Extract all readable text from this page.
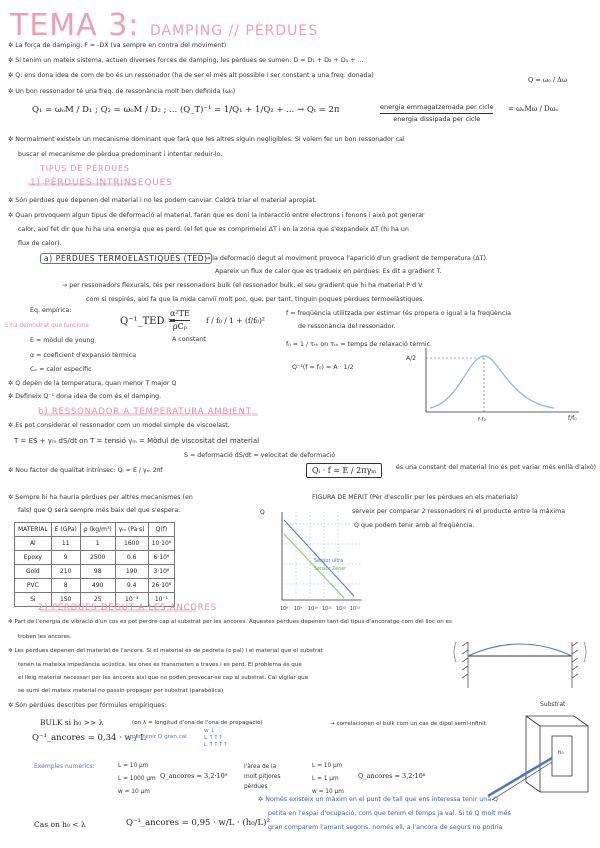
TEMA 3: DAMPING // PÈRDUES
✲ La força de damping: F = -DẊ (va sempre en contra del moviment)
✲ Si tenim un mateix sistema, actuen diverses forces de damping, les pèrdues se sumen: D = D₁ + D₂ + D₃ + ...
✲ Q: ens dona idea de com de bo és un ressonador (ha de ser el més alt possible i ser constant a una freq. donada)
✲ Un bon ressonador té una freq. de ressonància molt ben definida (ω₀)
Q₁ = ωₒM / D₁ ; Q₂ = ωₒM / D₂ ; ... (Q_T)⁻¹ = 1/Q₁ + 1/Q₂ + ... → Qₜ = 2π	energia emmagatzemada per cicle
energia dissipada per cicle
= ωₒMω / Dωₒ
Q = ω₀ / Δω
✲ Normalment existeix un mecanisme dominant que farà que les altres siguin negligibles. Si volem fer un bon ressonador cal
buscar el mecanisme de pèrdua predominant i intentar reduir-lo.
TIPUS DE PÈRDUES
1) PÈRDUES INTRÍNSEQUES
✲ Són pèrdues que depenen del material i no les podem canviar. Caldrà triar el material apropiat.
✲ Quan provoquem algun tipus de deformació al material, faran que es doni la interacció entre electrons i fonons i això pot generar
calor, així fet dir que hi ha una energia que es perd. (el fet que es comprimeixi ΔT i en la zona que s'expandeix ΔT (hi ha un
flux de calor).
a) PÈRDUES TERMOELÀSTIQUES (TED)
→ la deformació degut al moviment provoca l'aparició d'un gradient de temperatura (ΔT).
Apareix un flux de calor que es tradueix en pèrdues. Es dit a gradient T.
→ per ressonadors flexurals, tés per ressonadors bulk (el ressonador bulk, el seu gradient que hi ha material P d V.
com si respirés, així fa que la mida canviï molt poc, que, per tant, tinguin poques pèrdues termoelàstiques.
Eq. empírica:
Q⁻¹_TED =
α²TE
ρCₚ
f / f₀ / 1 + (f/f₀)²
S'ha demostrat que funciona
A constant
E = mòdul de young
α = coeficient d'expansió tèrmica
Cₚ = calor específic
f = freqüència utilitzada per estimar (és propera o igual a la freqüència
de ressonància del ressonador.
f₀ = 1 / τₜₕ on τₜₕ = temps de relaxació tèrmic.
Q⁻¹(f = f₀) = A · 1/2
✲ Q depèn de la temperatura, quan menor T major Q
✲ Defineix Q⁻¹ dona idea de com és el damping.
A/2
f·f₀	f/f₀
b) RESSONADOR A TEMPERATURA AMBIENT
✲ Es pot considerar el ressonador com un model simple de viscoelast.
T = ES + γₘ dS/dt on T = tensió γₘ = Mòdul de viscositat del material
S = deformació dS/dt = velocitat de deformació
✲ Nou factor de qualitat intrínsec: Qᵢ = E / γₘ 2πf	Qᵢ · f = E / 2πγₘ	és una constant del material (no és pot variar més enllà d'això)
✲ Sempre hi ha hauria pèrdues per altres mecanismes (en
fals) que Q serà sempre més baix del que s'espera.
MATERIAL	E (GPa)	ρ (kg/m³)	γₘ (Pa·s)	Q(f)
Al	11	1	1600	10·10⁶
Epoxy	9	2500	0.6	6·10⁶
Gold	210	98	190	3·10⁶
PVC	8	490	9.4	26·10⁶
Si	150	25	10⁻³	10⁻¹
FIGURA DE MÈRIT (Pèr d'escollir per les pèrdues en els materials)
serveix per comparar 2 ressonadors ni el producte entre la màxima
Q que podem tenir amb al freqüència.
Q
Sensor ultra
Sensor Zener
10⁸ 10⁹ 10¹⁰ 10¹¹ 10¹² 10¹³
2) PÈRDUES DEGUT A LES ANCORES
✲ Part de l'energia de vibració d'un cos es pot perdre cap al substrat per les ancores. Aquestes pèrdues depenen tant del tipus d'ancoratge com del lloc on es
troben les ancores.
✲ Les pèrdues depenen del material de l'ancora. Si el material és de pedreta (o pal) i el material que el substrat
tenen la mateixa impedància acústica, les ones es transmeten a través i es perd. El problema és que
el lleig material necessari per les ancores així que no poden provocar-se cap al substrat. Cal vigilar que
se sumi del mateix material no passin propagar per substrat (parabòlica)
✲ Són pèrdues descrites per fórmules empíriques:
BULK si h₀ >> λ	(on λ = longitud d'ona de l'ona de propagació)
Q⁻¹_ancores = 0,34 · w / L
per tenir Q gran cal
w ↓
L ↑↑↑
L ↑↑↑↑
→ correlacionen el bulk com un cas de dipol semi-infinit
Exemples numèrics:	L = 10 μm
L = 1000 μm
w = 10 μm
Q_ancores = 3,2·10⁹
l'àrea de la
molt pitjores
pèrdues
L = 10 μm
L = 1 μm
w = 10 μm
Q_ancores = 3,2·10⁶
Substrat
h₀
Cas on h₀ < λ	Q⁻¹_ancores = 0,95 · w/L · (h₀/L)²
✲ Només existeix un màxim en el punt de tall que ens interessa tenir una Q
petita en l'espai d'ocupació, com que tenim el temps ja val. Si té Q molt més
gran comparem l'amant segons, només ell, a l'ancora de segurs no podria
